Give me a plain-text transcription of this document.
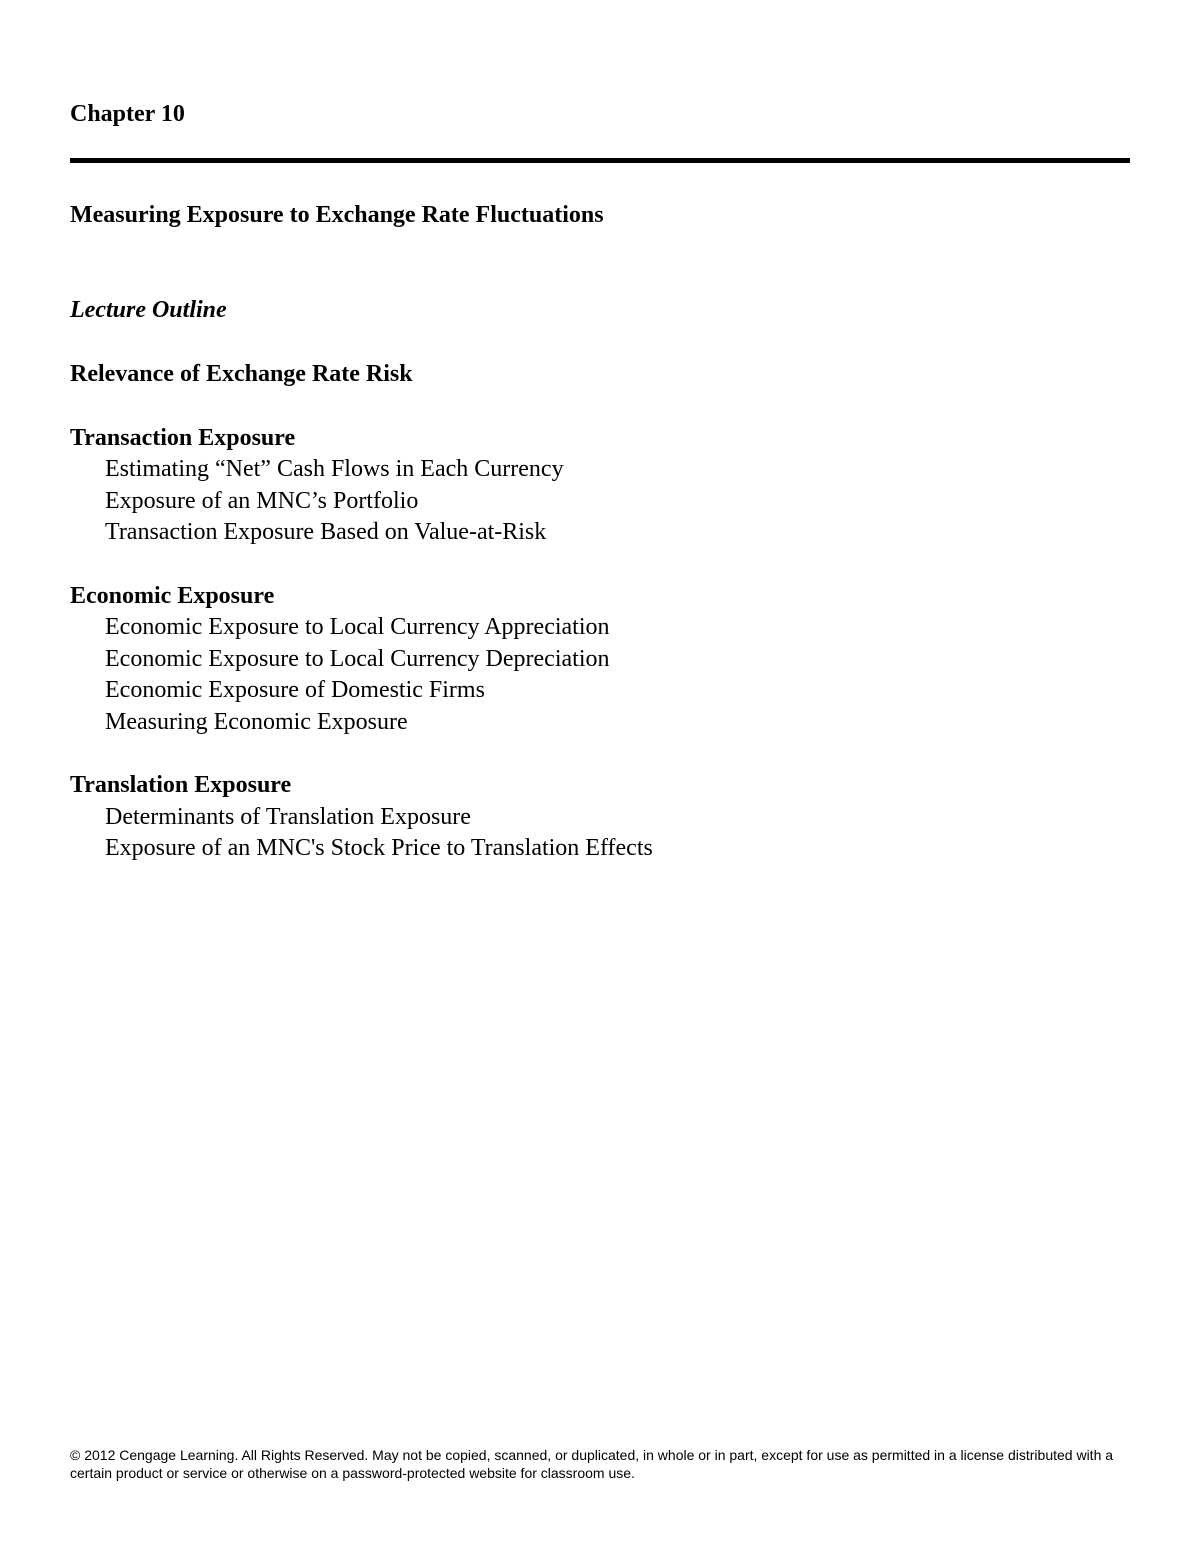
Chapter 10
Measuring Exposure to Exchange Rate Fluctuations
Lecture Outline

Relevance of Exchange Rate Risk

Transaction Exposure

Estimating “Net” Cash Flows in Each Currency
Exposure of an MNC’s Portfolio
Transaction Exposure Based on Value-at-Risk

Economic Exposure

Economic Exposure to Local Currency Appreciation
Economic Exposure to Local Currency Depreciation
Economic Exposure of Domestic Firms
Measuring Economic Exposure

Translation Exposure

Determinants of Translation Exposure
Exposure of an MNC's Stock Price to Translation Effects

© 2012 Cengage Learning. All Rights Reserved. May not be copied, scanned, or duplicated, in whole or in part, except for use as permitted in a license distributed with a certain product or service or otherwise on a password-protected website for classroom use.
